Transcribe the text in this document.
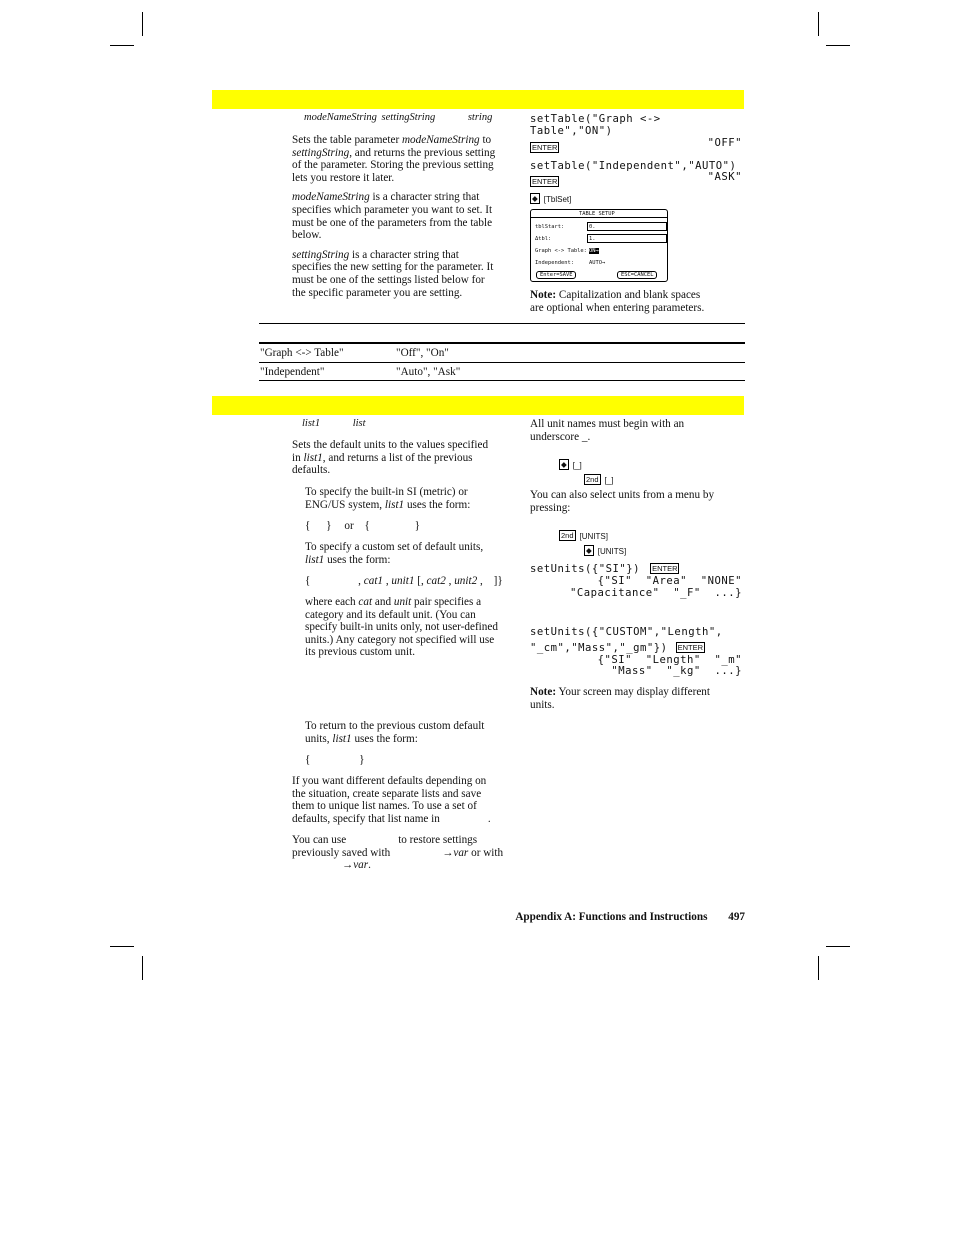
modeNameString settingString	string
Sets the table parameter modeNameString to
settingString, and returns the previous setting
of the parameter. Storing the previous setting
lets you restore it later.
modeNameString is a character string that
specifies which parameter you want to set. It
must be one of the parameters from the table
below.
settingString is a character string that
specifies the new setting for the parameter. It
must be one of the settings listed below for
the specific parameter you are setting.
setTable("Graph <->
Table","ON")
ENTER	"OFF"
setTable("Independent","AUTO")
ENTER	"ASK"
◆ [TblSet]
TABLE SETUP
tblStart:	0.
Δtbl:	1.
Graph <-> Table: ON→
Independent:	AUTO→
Enter=SAVE	ESC=CANCEL
Note: Capitalization and blank spaces
are optional when entering parameters.
"Graph <-> Table"	"Off", "On"
"Independent"	"Auto", "Ask"
list1	list
Sets the default units to the values specified
in list1, and returns a list of the previous
defaults.
To specify the built-in SI (metric) or
ENG/US system, list1 uses the form:
{ } or {	}
To specify a custom set of default units,
list1 uses the form:
{	, cat1 , unit1 [, cat2 , unit2 , ]}
where each cat and unit pair specifies a
category and its default unit. (You can
specify built-in units only, not user-defined
units.) Any category not specified will use
its previous custom unit.
To return to the previous custom default
units, list1 uses the form:
{	}
If you want different defaults depending on
the situation, create separate lists and save
them to unique list names. To use a set of
defaults, specify that list name in	.
You can use	to restore settings
previously saved with	→var or with
→var.
All unit names must begin with an
underscore _.
◆ [_]
2nd [_]
You can also select units from a menu by
pressing:
2nd [UNITS]
◆ [UNITS]
setUnits({"SI"}) ENTER
{"SI"  "Area"  "NONE"
"Capacitance"  "_F"  ...}
setUnits({"CUSTOM","Length",
"_cm","Mass","_gm"}) ENTER
{"SI"  "Length"  "_m"
"Mass"  "_kg"  ...}
Note: Your screen may display different
units.
Appendix A: Functions and Instructions 497
